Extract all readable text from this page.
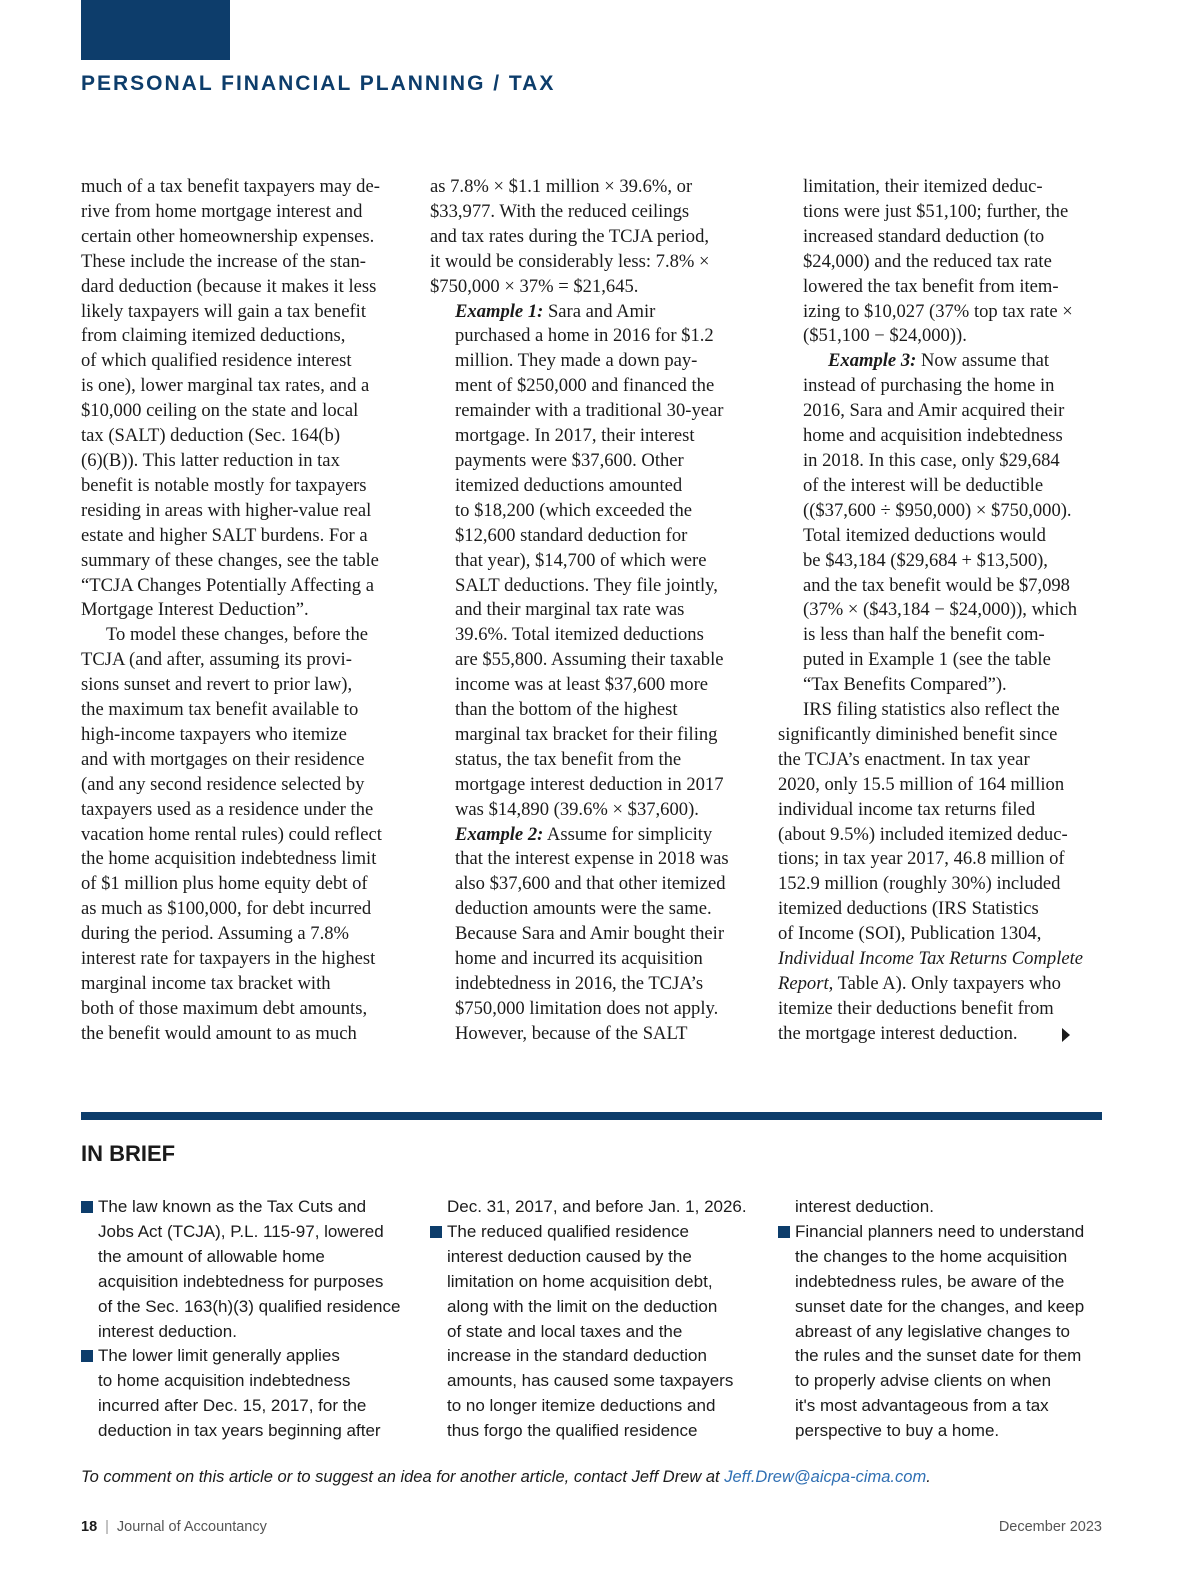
PERSONAL FINANCIAL PLANNING / TAX

much of a tax benefit taxpayers may de-

rive from home mortgage interest and

certain other homeownership expenses.

These include the increase of the stan-

dard deduction (because it makes it less

likely taxpayers will gain a tax benefit

from claiming itemized deductions,

of which qualified residence interest

is one), lower marginal tax rates, and a

$10,000 ceiling on the state and local

tax (SALT) deduction (Sec. 164(b)

(6)(B)). This latter reduction in tax

benefit is notable mostly for taxpayers

residing in areas with higher-value real

estate and higher SALT burdens. For a

summary of these changes, see the table

“TCJA Changes Potentially Affecting a

Mortgage Interest Deduction”.

To model these changes, before the

TCJA (and after, assuming its provi-

sions sunset and revert to prior law),

the maximum tax benefit available to

high-income taxpayers who itemize

and with mortgages on their residence

(and any second residence selected by

taxpayers used as a residence under the

vacation home rental rules) could reflect

the home acquisition indebtedness limit

of $1 million plus home equity debt of

as much as $100,000, for debt incurred

during the period. Assuming a 7.8%

interest rate for taxpayers in the highest

marginal income tax bracket with

both of those maximum debt amounts,

the benefit would amount to as much

as 7.8% × $1.1 million × 39.6%, or

$33,977. With the reduced ceilings

and tax rates during the TCJA period,

it would be considerably less: 7.8% ×

$750,000 × 37% = $21,645.

Example 1: Sara and Amir

purchased a home in 2016 for $1.2

million. They made a down pay-

ment of $250,000 and financed the

remainder with a traditional 30-year

mortgage. In 2017, their interest

payments were $37,600. Other

itemized deductions amounted

to $18,200 (which exceeded the

$12,600 standard deduction for

that year), $14,700 of which were

SALT deductions. They file jointly,

and their marginal tax rate was

39.6%. Total itemized deductions

are $55,800. Assuming their taxable

income was at least $37,600 more

than the bottom of the highest

marginal tax bracket for their filing

status, the tax benefit from the

mortgage interest deduction in 2017

was $14,890 (39.6% × $37,600).

Example 2: Assume for simplicity

that the interest expense in 2018 was

also $37,600 and that other itemized

deduction amounts were the same.

Because Sara and Amir bought their

home and incurred its acquisition

indebtedness in 2016, the TCJA’s

$750,000 limitation does not apply.

However, because of the SALT

limitation, their itemized deduc-

tions were just $51,100; further, the

increased standard deduction (to

$24,000) and the reduced tax rate

lowered the tax benefit from item-

izing to $10,027 (37% top tax rate ×

($51,100 − $24,000)).

Example 3: Now assume that

instead of purchasing the home in

2016, Sara and Amir acquired their

home and acquisition indebtedness

in 2018. In this case, only $29,684

of the interest will be deductible

(($37,600 ÷ $950,000) × $750,000).

Total itemized deductions would

be $43,184 ($29,684 + $13,500),

and the tax benefit would be $7,098

(37% × ($43,184 − $24,000)), which

is less than half the benefit com-

puted in Example 1 (see the table

“Tax Benefits Compared”).

IRS filing statistics also reflect the

significantly diminished benefit since

the TCJA’s enactment. In tax year

2020, only 15.5 million of 164 million

individual income tax returns filed

(about 9.5%) included itemized deduc-

tions; in tax year 2017, 46.8 million of

152.9 million (roughly 30%) included

itemized deductions (IRS Statistics

of Income (SOI), Publication 1304,

Individual Income Tax Returns Complete

Report, Table A). Only taxpayers who

itemize their deductions benefit from

the mortgage interest deduction.

IN BRIEF

The law known as the Tax Cuts and

Jobs Act (TCJA), P.L. 115-97, lowered

the amount of allowable home

acquisition indebtedness for purposes

of the Sec. 163(h)(3) qualified residence

interest deduction.

The lower limit generally applies

to home acquisition indebtedness

incurred after Dec. 15, 2017, for the

deduction in tax years beginning after

Dec. 31, 2017, and before Jan. 1, 2026.

The reduced qualified residence

interest deduction caused by the

limitation on home acquisition debt,

along with the limit on the deduction

of state and local taxes and the

increase in the standard deduction

amounts, has caused some taxpayers

to no longer itemize deductions and

thus forgo the qualified residence

interest deduction.

Financial planners need to understand

the changes to the home acquisition

indebtedness rules, be aware of the

sunset date for the changes, and keep

abreast of any legislative changes to

the rules and the sunset date for them

to properly advise clients on when

it's most advantageous from a tax

perspective to buy a home.

To comment on this article or to suggest an idea for another article, contact Jeff Drew at Jeff.Drew@aicpa-cima.com.
18 | Journal of Accountancy	December 2023
